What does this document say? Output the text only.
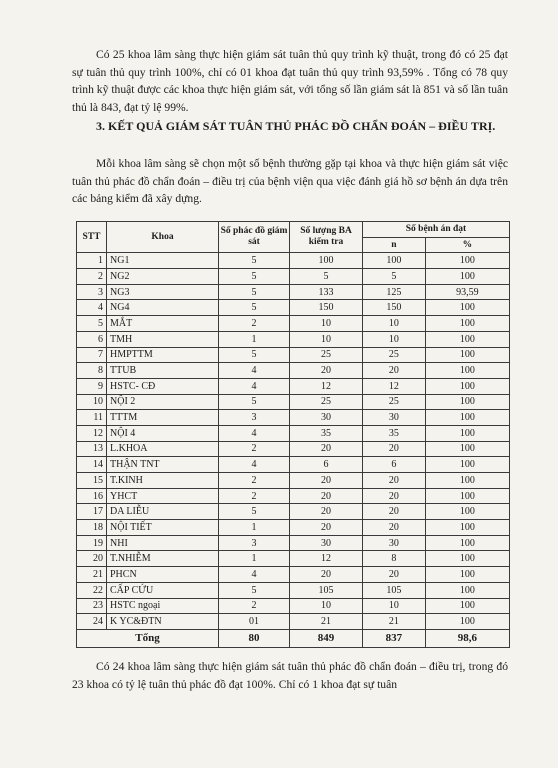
Có 25 khoa lâm sàng thực hiện giám sát tuân thủ quy trình kỹ thuật, trong đó có 25 đạt sự tuân thủ quy trình 100%, chỉ có 01 khoa đạt tuân thủ quy trình 93,59% . Tổng có 78 quy trình kỹ thuật được các khoa thực hiện giám sát, với tổng số lần giám sát là 851 và số lần tuân thủ là 843, đạt tỷ lệ 99%.

3. KẾT QUẢ GIÁM SÁT TUÂN THỦ PHÁC ĐỒ CHẨN ĐOÁN – ĐIỀU TRỊ.

Mỗi khoa lâm sàng sẽ chọn một số bệnh thường gặp tại khoa và thực hiện giám sát việc tuân thủ phác đồ chẩn đoán – điều trị của bệnh viện qua việc đánh giá hồ sơ bệnh án dựa trên các bảng kiểm đã xây dựng.

STT	Khoa	Số phác đồ giám sát	Số lượng BA kiểm tra	Số bệnh án đạt	
				n	%
1	NG1	5	100	100	100
2	NG2	5	5	5	100
3	NG3	5	133	125	93,59
4	NG4	5	150	150	100
5	MẮT	2	10	10	100
6	TMH	1	10	10	100
7	HMPTTM	5	25	25	100
8	TTUB	4	20	20	100
9	HSTC- CĐ	4	12	12	100
10	NỘI 2	5	25	25	100
11	TTTM	3	30	30	100
12	NỘI 4	4	35	35	100
13	L.KHOA	2	20	20	100
14	THẬN TNT	4	6	6	100
15	T.KINH	2	20	20	100
16	YHCT	2	20	20	100
17	DA LIỄU	5	20	20	100
18	NỘI TIẾT	1	20	20	100
19	NHI	3	30	30	100
20	T.NHIỄM	1	12	8	100
21	PHCN	4	20	20	100
22	CẤP CỨU	5	105	105	100
23	HSTC ngoại	2	10	10	100
24	K YC&ĐTN	01	21	21	100
Tổng		80	849	837	98,6

Có 24 khoa lâm sàng thực hiện giám sát tuân thủ phác đồ chẩn đoán – điều trị, trong đó 23 khoa có tỷ lệ tuân thủ phác đồ đạt 100%. Chỉ có 1 khoa đạt sự tuân
